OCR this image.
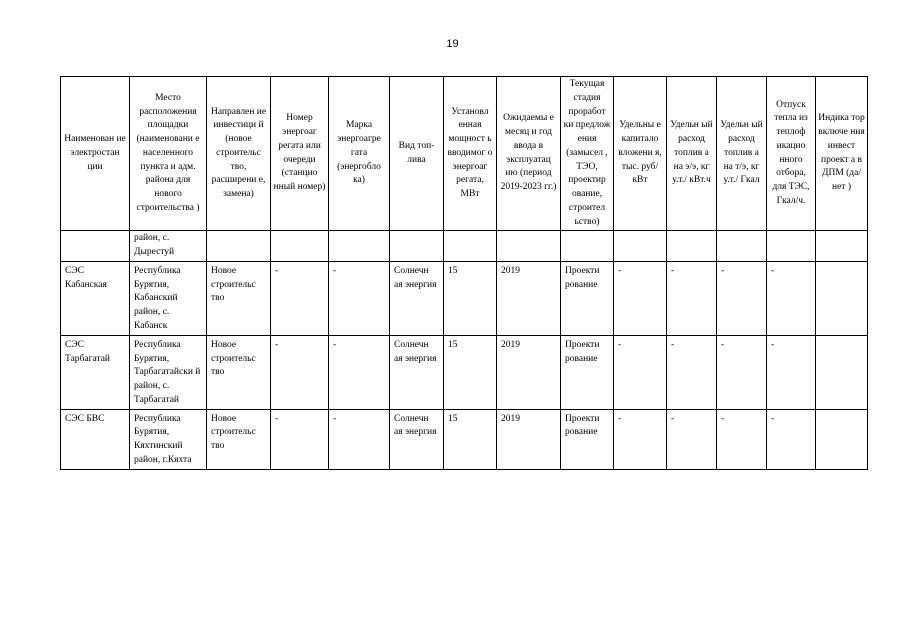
19
Наименован ие электростан ции	Место расположения площадки (наименовани е населенного пункта и адм. района для нового строительства )	Направлен ие инвестици й (новое строительс тво, расширени е, замена)	Номер энергоаг регата или очереди (станцио нный номер)	Марка энергоагре гата (энергобло ка)	Вид топ-лива	Установл енная мощност ь вводимог о энергоаг регата, МВт	Ожидаемы е месяц и год ввода в эксплуатац ию (период 2019-2023 гг.)	Текущая стадия проработ ки предлож ения (замысел , ТЭО, проектир ование, строител ьство)	Удельны е капитало вложени я, тыс. руб/ кВт	Удельн ый расход топлив а на э/э, кг у.т./ кВт.ч	Удельн ый расход топлив а на т/э, кг у.т./ Гкал	Отпуск тепла из теплоф икацио нного отбора, для ТЭС, Гкал/ч.	Индика тор включе ния инвест проект а в ДПМ (да/нет )
	район, с. Дырестуй												
СЭС Кабанская	Республика Бурятия, Кабанский район, с. Кабанск	Новое строительс тво	-	-	Солнечн ая энергия	15	2019	Проекти рование	-	-	-	-	
СЭС Тарбагатай	Республика Бурятия, Тарбагатайски й район, с. Тарбагатай	Новое строительс тво	-	-	Солнечн ая энергия	15	2019	Проекти рование	-	-	-	-	
СЭС БВС	Республика Бурятия, Кяхтинский район, г.Кяхта	Новое строительс тво	-	-	Солнечн ая энергия	15	2019	Проекти рование	-	-	-	-	
